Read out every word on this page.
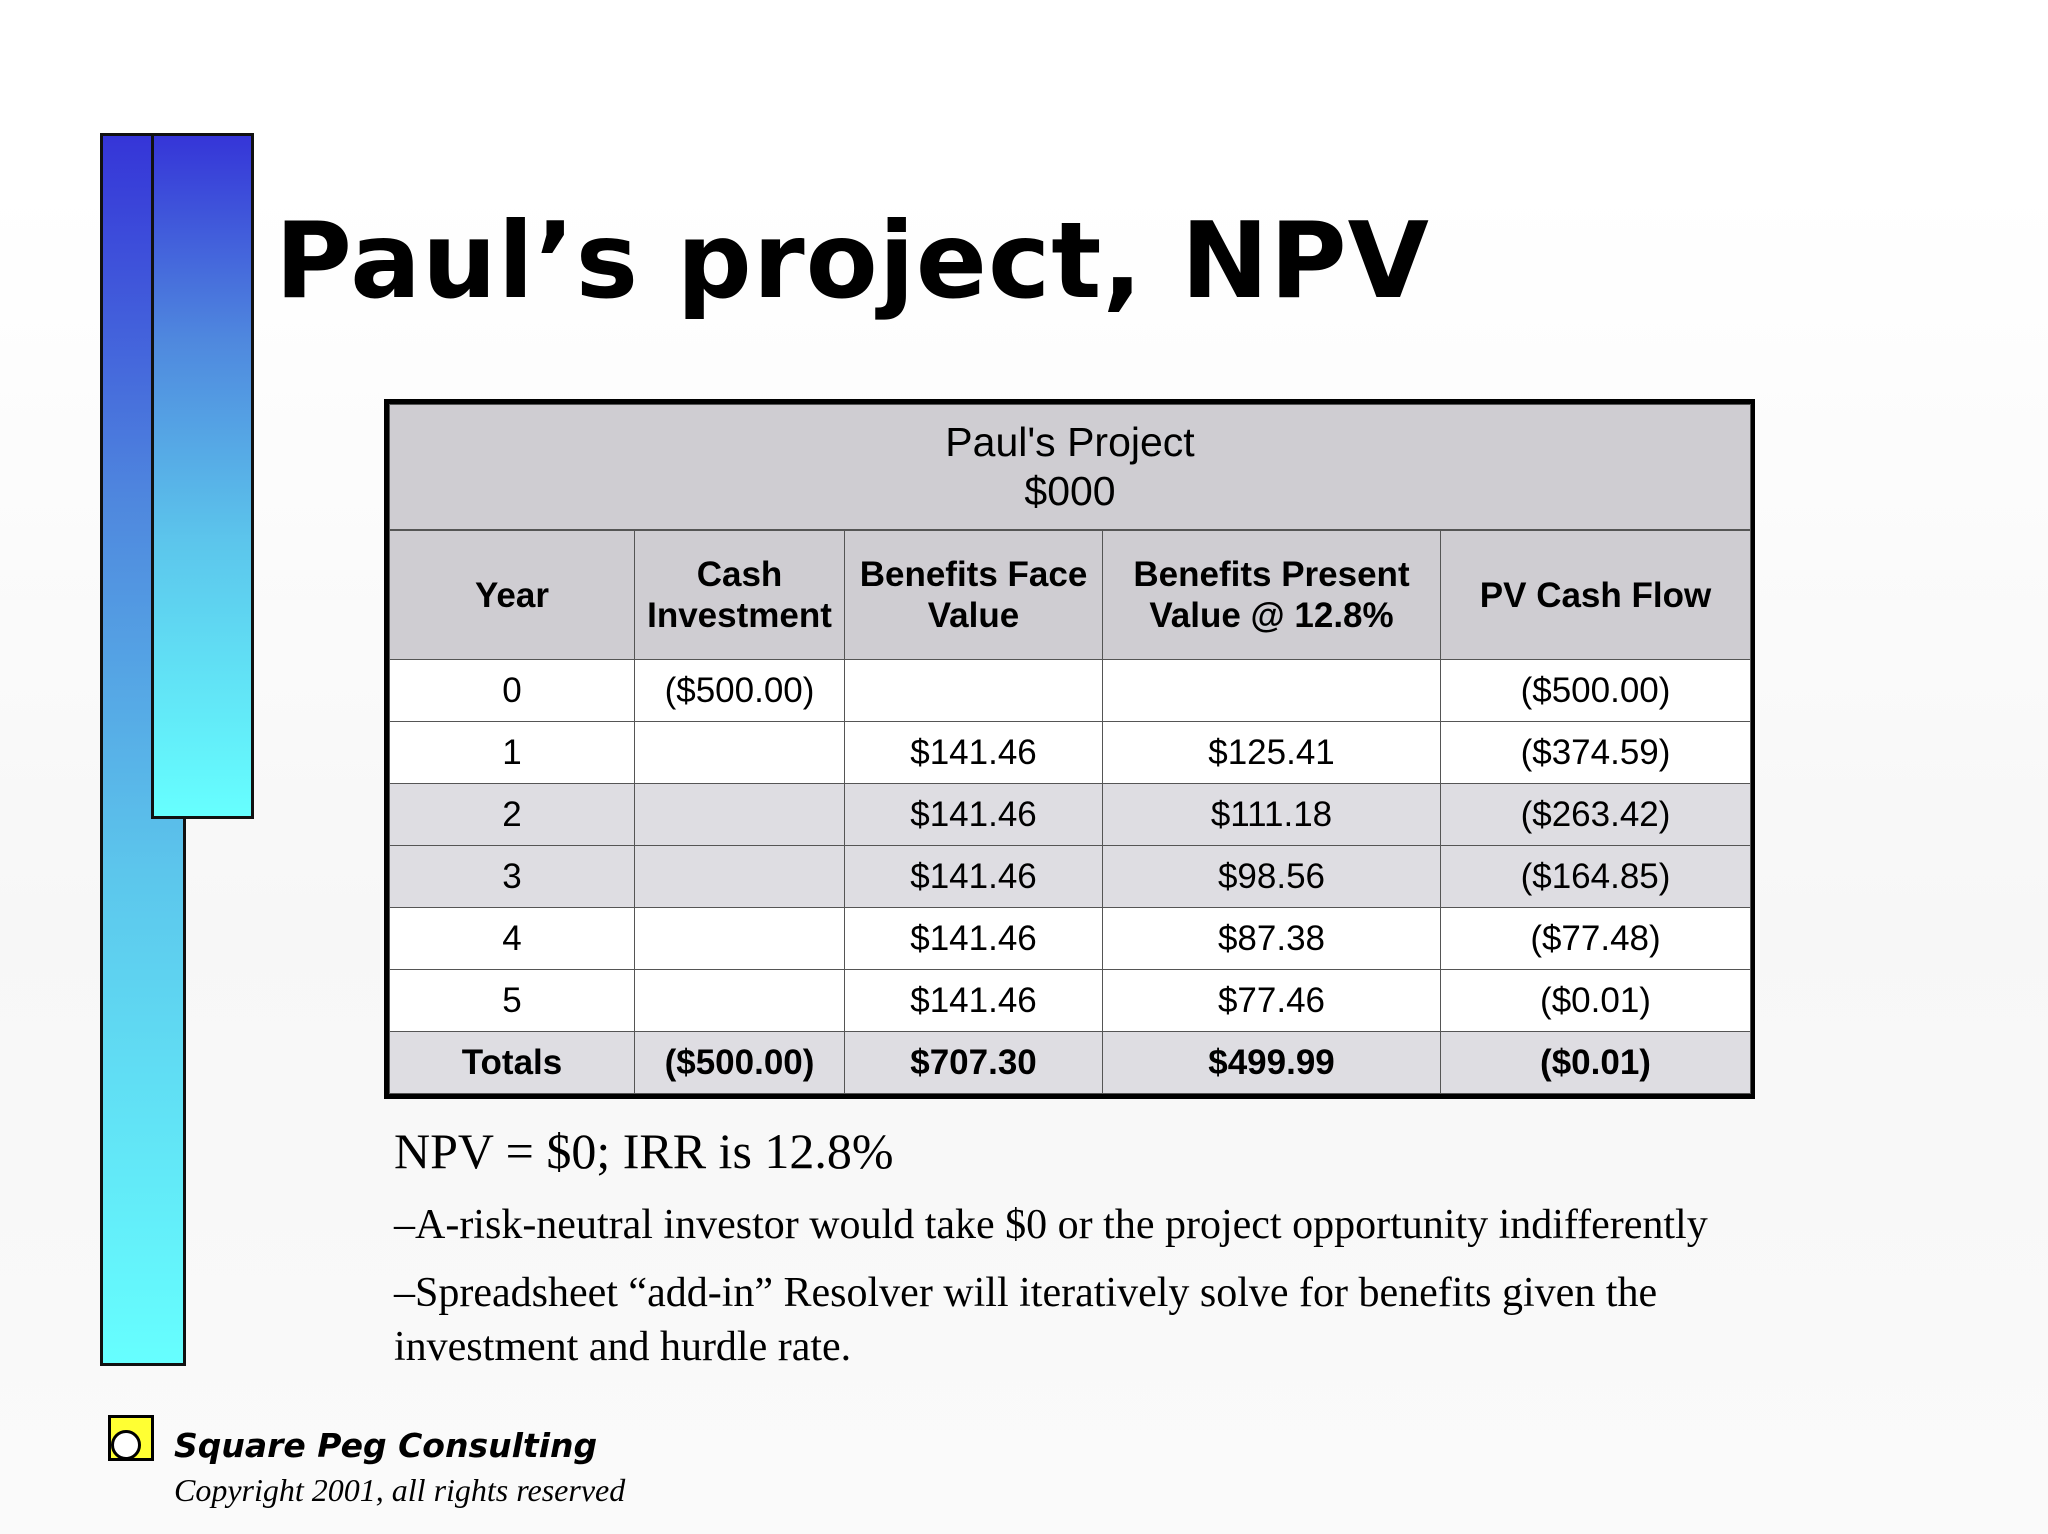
Paul’s project, NPV
Paul's Project
$000				

Year	Cash Investment	Benefits Face Value	Benefits Present Value @ 12.8%	PV Cash Flow
0	($500.00)			($500.00)
1		$141.46	$125.41	($374.59)
2		$141.46	$111.18	($263.42)
3		$141.46	$98.56	($164.85)
4		$141.46	$87.38	($77.48)
5		$141.46	$77.46	($0.01)
Totals	($500.00)	$707.30	$499.99	($0.01)

NPV = $0; IRR is 12.8%

–A-risk-neutral investor would take $0 or the project opportunity indifferently

–Spreadsheet “add-in” Resolver will iteratively solve for benefits given the investment and hurdle rate.

Square Peg Consulting
Copyright 2001, all rights reserved
